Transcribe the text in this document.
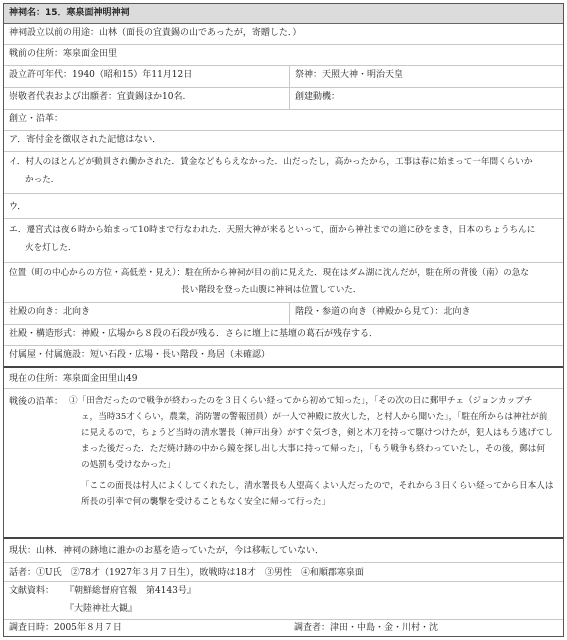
神祠名：15．寒泉面神明神祠
神祠設立以前の用途：山林（面長の宜貴錫の山であったが，寄贈した．）
戦前の住所：寒泉面金田里
設立許可年代：1940（昭和15）年11月12日	祭神：天照大神・明治天皇
崇敬者代表および出願者：宜貴錫ほか10名.	創建動機：
創立・沿革：
ア．寄付金を徴収された記憶はない．
イ．村人のほとんどが動員され働かされた．賃金などもらえなかった．山だったし，高かったから，工事は春に始まって一年間くらいか
かった.
ウ．
エ．遷宮式は夜６時から始まって10時まで行なわれた．天照大神が来るといって，面から神社までの道に砂をまき，日本のちょうちんに
火を灯した．
位置（町の中心からの方位・高低差・見え）：駐在所から神祠が目の前に見えた．現在はダム湖に沈んだが，駐在所の背後（南）の急な
長い階段を登った山腹に神祠は位置していた．
社殿の向き：北向き	階段・参道の向き（神殿から見て）：北向き
社殿・構造形式：神殿・広場から８段の石段が残る．さらに壇上に基壇の葛石が残存する．
付属屋・付属施設：短い石段・広場・長い階段・鳥居（未確認）
現在の住所：寒泉面金田里山49
戦後の沿革： ①「田舎だったので戦争が終わったのを３日くらい経ってから初めて知った」，「その次の日に郵甲チェ（ジョンカップチ
ェ，当時35才くらい，農業，消防署の警報団員）が一人で神殿に放火した，と村人から聞いた」，「駐在所からは神社が前
に見えるので，ちょうど当時の清水署長（神戸出身）がすぐ気づき，剣と木刀を持って駆けつけたが，犯人はもう逃げてし
まった後だった．ただ焼け跡の中から鏡を探し出し大事に持って帰った」，「もう戦争も終わっていたし，その後，郵は何
の処罰も受けなかった」
「ここの面長は村人によくしてくれたし，清水署長も人望高くよい人だったので，それから３日くらい経ってから日本人は
所長の引率で何の襲撃を受けることもなく安全に帰って行った」
現状：山林．神祠の跡地に誰かのお墓を造っていたが，今は移転していない．
話者：①U氏　②78才（1927年３月７日生），敗戦時は18才　③男性　④和順郡寒泉面
文献資料：	『朝鮮総督府官報　第4143号』
『大陸神社大観』
調査日時：2005年８月７日	調査者：津田・中島・金・川村・沈
